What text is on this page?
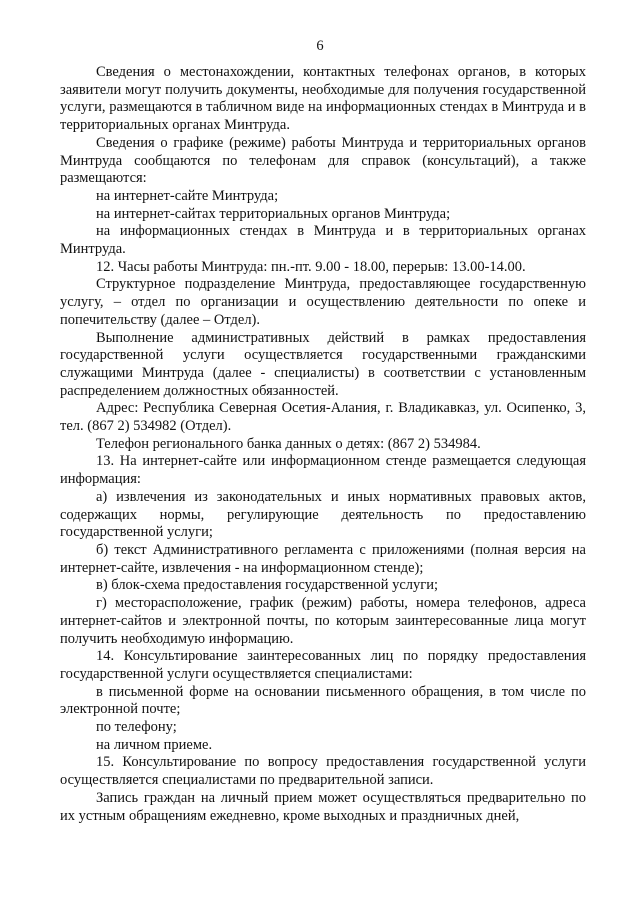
6

Сведения о местонахождении, контактных телефонах органов, в которых заявители могут получить документы, необходимые для получения государственной услуги, размещаются в табличном виде на информационных стендах в Минтруда и в территориальных органах Минтруда.

Сведения о графике (режиме) работы Минтруда и территориальных органов Минтруда сообщаются по телефонам для справок (консультаций), а также размещаются:

на интернет-сайте Минтруда;

на интернет-сайтах территориальных органов Минтруда;

на информационных стендах в Минтруда и в территориальных органах Минтруда.

12. Часы работы Минтруда: пн.-пт. 9.00 - 18.00, перерыв: 13.00-14.00.

Структурное подразделение Минтруда, предоставляющее государственную услугу, – отдел по организации и осуществлению деятельности по опеке и попечительству (далее – Отдел).

Выполнение административных действий в рамках предоставления государственной услуги осуществляется государственными гражданскими служащими Минтруда (далее - специалисты) в соответствии с установленным распределением должностных обязанностей.

Адрес: Республика Северная Осетия-Алания, г. Владикавказ, ул. Осипенко, 3, тел. (867 2) 534982 (Отдел).

Телефон регионального банка данных о детях: (867 2) 534984.

13. На интернет-сайте или информационном стенде размещается следующая информация:

а) извлечения из законодательных и иных нормативных правовых актов, содержащих нормы, регулирующие деятельность по предоставлению государственной услуги;

б) текст Административного регламента с приложениями (полная версия на интернет-сайте, извлечения - на информационном стенде);

в) блок-схема предоставления государственной услуги;

г) месторасположение, график (режим) работы, номера телефонов, адреса интернет-сайтов и электронной почты, по которым заинтересованные лица могут получить необходимую информацию.

14. Консультирование заинтересованных лиц по порядку предоставления государственной услуги осуществляется специалистами:

в письменной форме на основании письменного обращения, в том числе по электронной почте;

по телефону;

на личном приеме.

15. Консультирование по вопросу предоставления государственной услуги осуществляется специалистами по предварительной записи.

Запись граждан на личный прием может осуществляться предварительно по их устным обращениям ежедневно, кроме выходных и праздничных дней,
